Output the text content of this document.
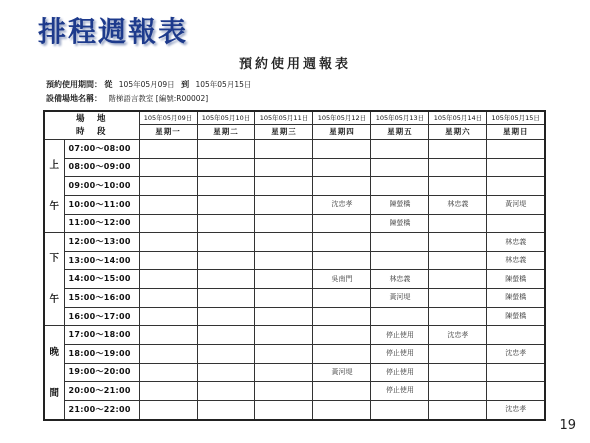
排程週報表
預約使用週報表
預約使用期間： 從 105年05月09日 到 105年05月15日
設備場地名稱： 階梯語言教室 [編號:R00002]
場　地
時　段		105年05月09日	105年05月10日	105年05月11日	105年05月12日	105年05月13日	105年05月14日	105年05月15日
		星期一	星期二	星期三	星期四	星期五	星期六	星期日

上
午	07:00～08:00							
	08:00～09:00							
	09:00～10:00							
	10:00～11:00				沈忠孝	陳螢橋	林忠義	黃河堤
	11:00～12:00					陳螢橋		

下
午	12:00～13:00							林忠義
	13:00～14:00							林忠義
	14:00～15:00				吳南門	林忠義		陳螢橋
	15:00～16:00					黃河堤		陳螢橋
	16:00～17:00							陳螢橋

晚
間	17:00～18:00					停止使用	沈忠孝	
	18:00～19:00					停止使用		沈忠孝
	19:00～20:00				黃河堤	停止使用		
	20:00～21:00					停止使用		
	21:00～22:00							沈忠孝
19
